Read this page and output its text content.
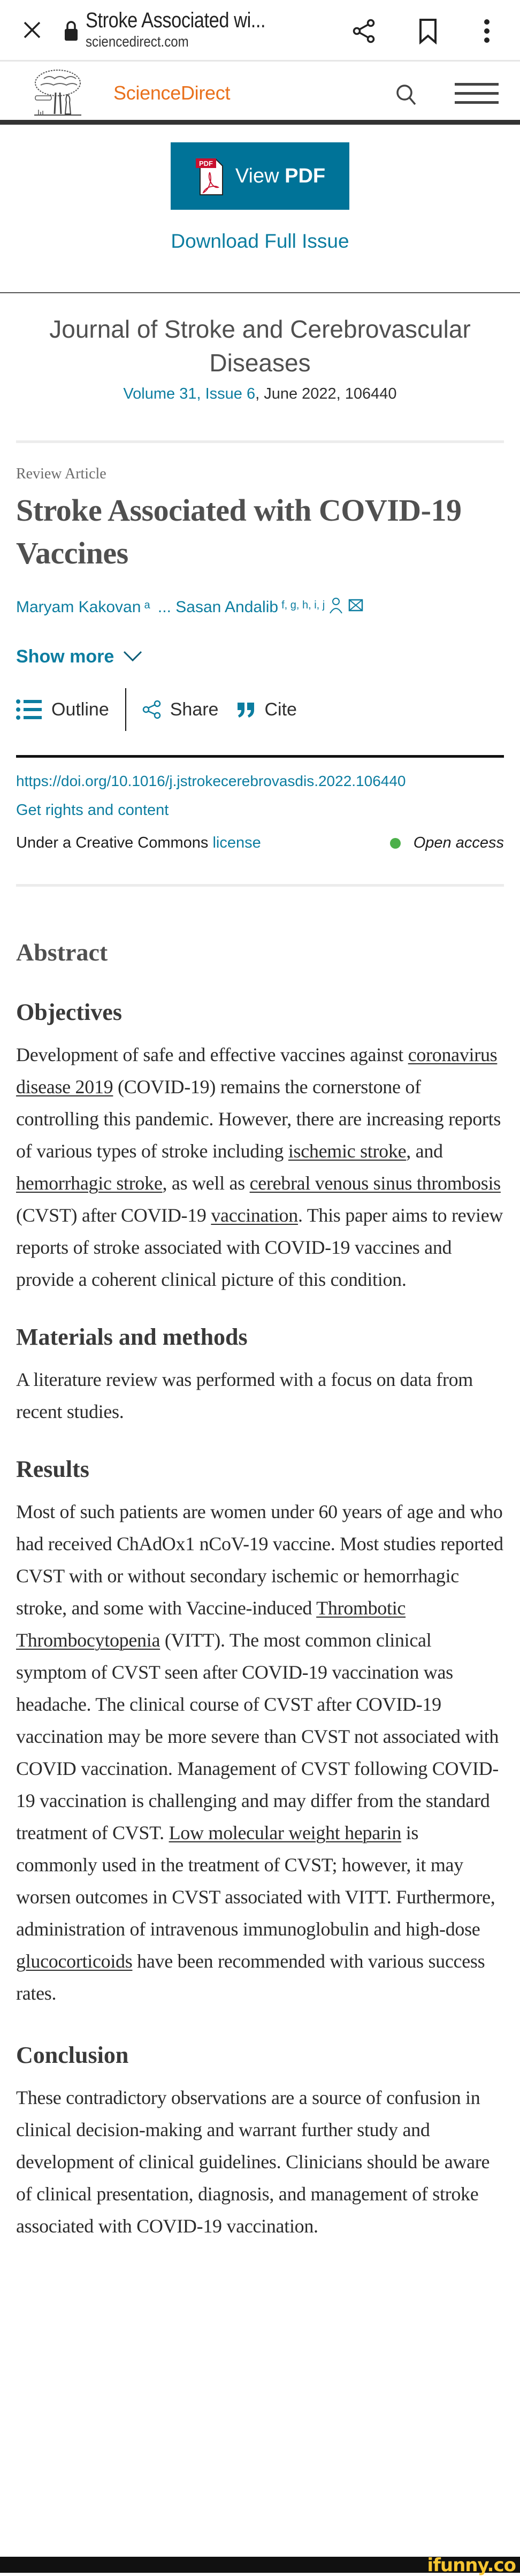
Stroke Associated wi...
sciencedirect.com
ScienceDirect
PDF
View PDF
Download Full Issue
Journal of Stroke and Cerebrovascular Diseases
Volume 31, Issue 6, June 2022, 106440
Review Article
Stroke Associated with COVID-19 Vaccines
Maryam Kakovan $^a$ ... Sasan Andalib $^{f, g, h, i, j}$
Show more
Outline	Share	Cite
https://doi.org/10.1016/j.jstrokecerebrovasdis.2022.106440
Get rights and content
Under a Creative Commons license	Open access
Abstract
Objectives

Development of safe and effective vaccines against coronavirus disease 2019 (COVID-19) remains the cornerstone of controlling this pandemic. However, there are increasing reports of various types of stroke including ischemic stroke, and hemorrhagic stroke, as well as cerebral venous sinus thrombosis (CVST) after COVID-19 vaccination. This paper aims to review reports of stroke associated with COVID-19 vaccines and provide a coherent clinical picture of this condition.

Materials and methods

A literature review was performed with a focus on data from recent studies.

Results

Most of such patients are women under 60 years of age and who had received ChAdOx1 nCoV-19 vaccine. Most studies reported CVST with or without secondary ischemic or hemorrhagic stroke, and some with Vaccine-induced Thrombotic Thrombocytopenia (VITT). The most common clinical symptom of CVST seen after COVID-19 vaccination was headache. The clinical course of CVST after COVID-19 vaccination may be more severe than CVST not associated with COVID vaccination. Management of CVST following COVID-19 vaccination is challenging and may differ from the standard treatment of CVST. Low molecular weight heparin is commonly used in the treatment of CVST; however, it may worsen outcomes in CVST associated with VITT. Furthermore, administration of intravenous immunoglobulin and high-dose glucocorticoids have been recommended with various success rates.

Conclusion

These contradictory observations are a source of confusion in clinical decision-making and warrant further study and development of clinical guidelines. Clinicians should be aware of clinical presentation, diagnosis, and management of stroke associated with COVID-19 vaccination.

ifunny.co
